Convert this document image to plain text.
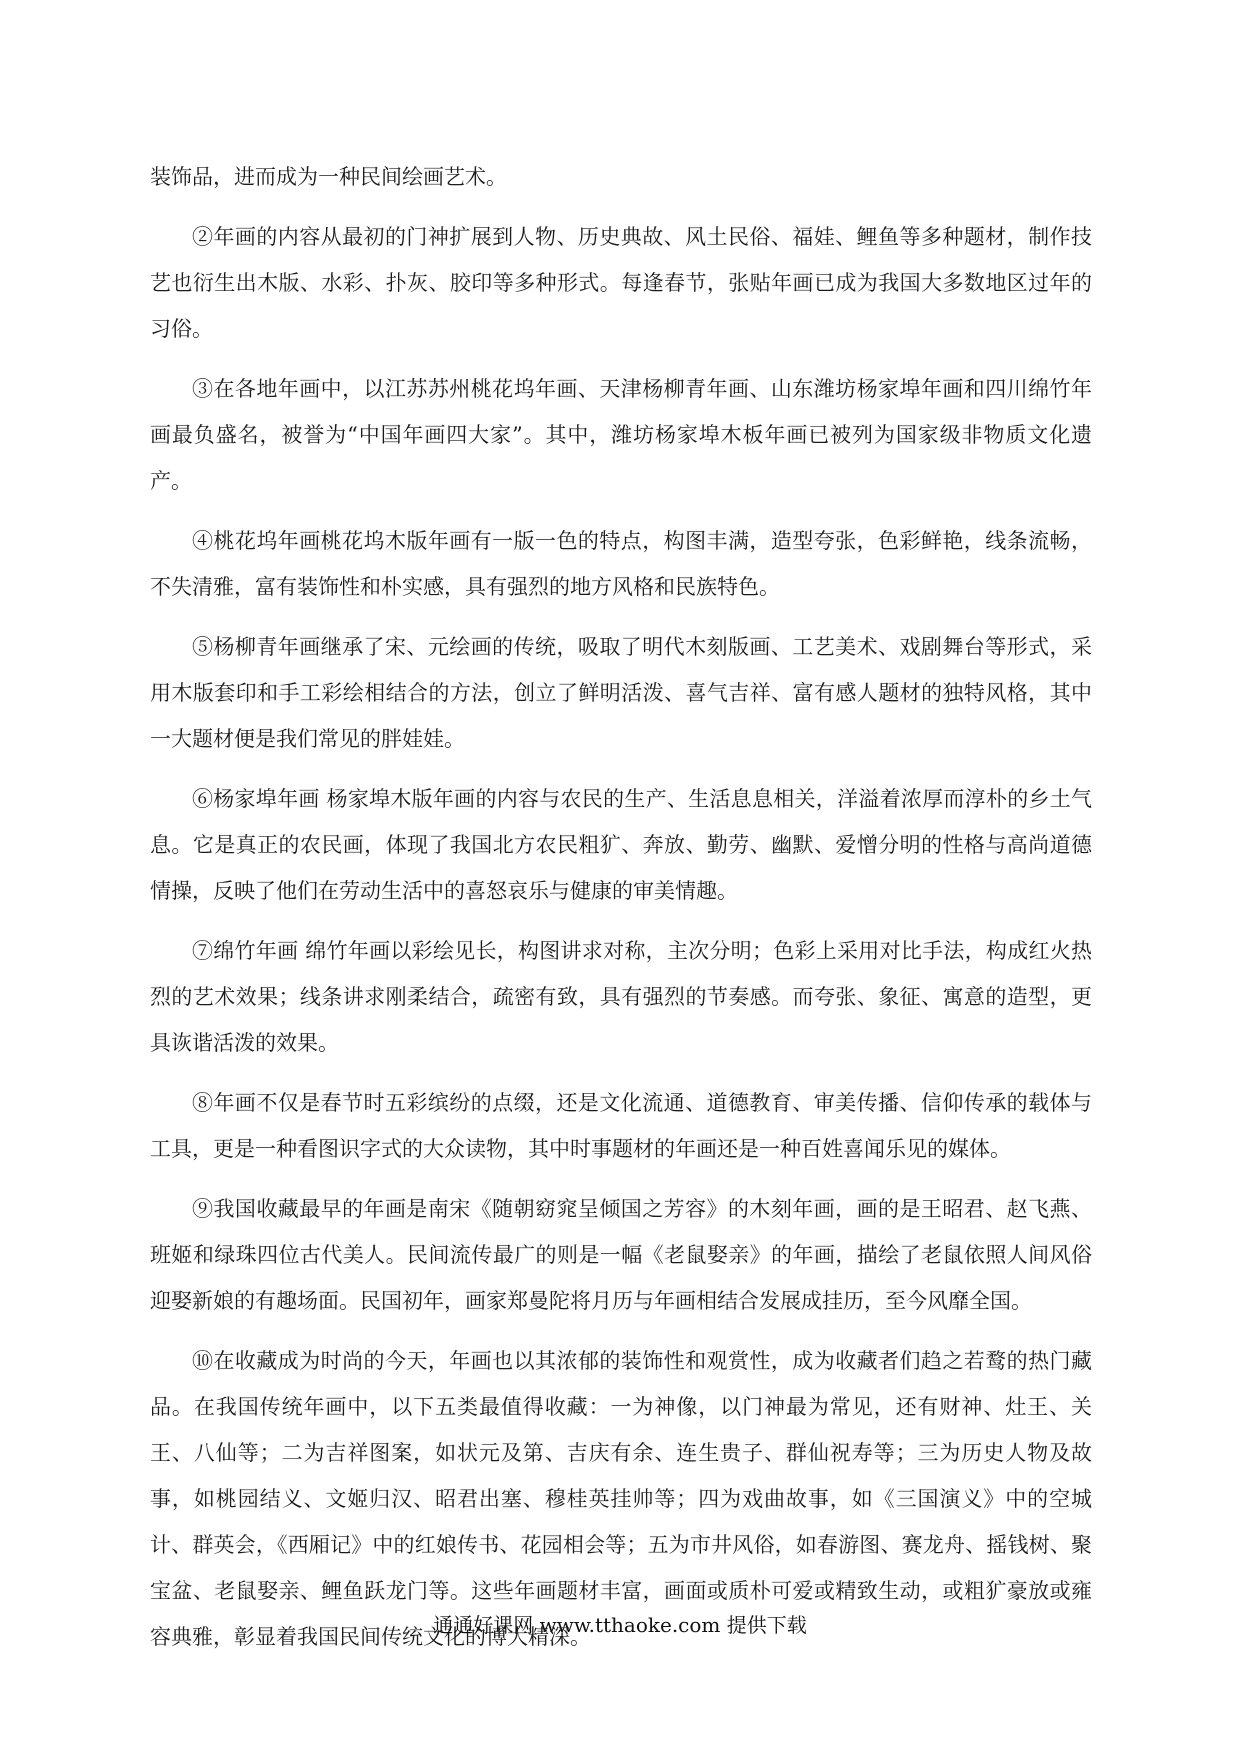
装饰品，进而成为一种民间绘画艺术。

②年画的内容从最初的门神扩展到人物、历史典故、风土民俗、福娃、鲤鱼等多种题材，制作技艺也衍生出木版、水彩、扑灰、胶印等多种形式。每逢春节，张贴年画已成为我国大多数地区过年的习俗。

③在各地年画中，以江苏苏州桃花坞年画、天津杨柳青年画、山东潍坊杨家埠年画和四川绵竹年画最负盛名，被誉为“中国年画四大家”。其中，潍坊杨家埠木板年画已被列为国家级非物质文化遗产。

④桃花坞年画桃花坞木版年画有一版一色的特点，构图丰满，造型夸张，色彩鲜艳，线条流畅，不失清雅，富有装饰性和朴实感，具有强烈的地方风格和民族特色。

⑤杨柳青年画继承了宋、元绘画的传统，吸取了明代木刻版画、工艺美术、戏剧舞台等形式，采用木版套印和手工彩绘相结合的方法，创立了鲜明活泼、喜气吉祥、富有感人题材的独特风格，其中一大题材便是我们常见的胖娃娃。

⑥杨家埠年画 杨家埠木版年画的内容与农民的生产、生活息息相关，洋溢着浓厚而淳朴的乡土气息。它是真正的农民画，体现了我国北方农民粗犷、奔放、勤劳、幽默、爱憎分明的性格与高尚道德情操，反映了他们在劳动生活中的喜怒哀乐与健康的审美情趣。

⑦绵竹年画 绵竹年画以彩绘见长，构图讲求对称，主次分明；色彩上采用对比手法，构成红火热烈的艺术效果；线条讲求刚柔结合，疏密有致，具有强烈的节奏感。而夸张、象征、寓意的造型，更具诙谐活泼的效果。

⑧年画不仅是春节时五彩缤纷的点缀，还是文化流通、道德教育、审美传播、信仰传承的载体与工具，更是一种看图识字式的大众读物，其中时事题材的年画还是一种百姓喜闻乐见的媒体。

⑨我国收藏最早的年画是南宋《随朝窈窕呈倾国之芳容》的木刻年画，画的是王昭君、赵飞燕、班姬和绿珠四位古代美人。民间流传最广的则是一幅《老鼠娶亲》的年画，描绘了老鼠依照人间风俗迎娶新娘的有趣场面。民国初年，画家郑曼陀将月历与年画相结合发展成挂历，至今风靡全国。

⑩在收藏成为时尚的今天，年画也以其浓郁的装饰性和观赏性，成为收藏者们趋之若鹜的热门藏品。在我国传统年画中，以下五类最值得收藏：一为神像，以门神最为常见，还有财神、灶王、关王、八仙等；二为吉祥图案，如状元及第、吉庆有余、连生贵子、群仙祝寿等；三为历史人物及故事，如桃园结义、文姬归汉、昭君出塞、穆桂英挂帅等；四为戏曲故事，如《三国演义》中的空城计、群英会，《西厢记》中的红娘传书、花园相会等；五为市井风俗，如春游图、赛龙舟、摇钱树、聚宝盆、老鼠娶亲、鲤鱼跃龙门等。这些年画题材丰富，画面或质朴可爱或精致生动，或粗犷豪放或雍容典雅，彰显着我国民间传统文化的博大精深。

通通好课网 www.tthaoke.com 提供下载
